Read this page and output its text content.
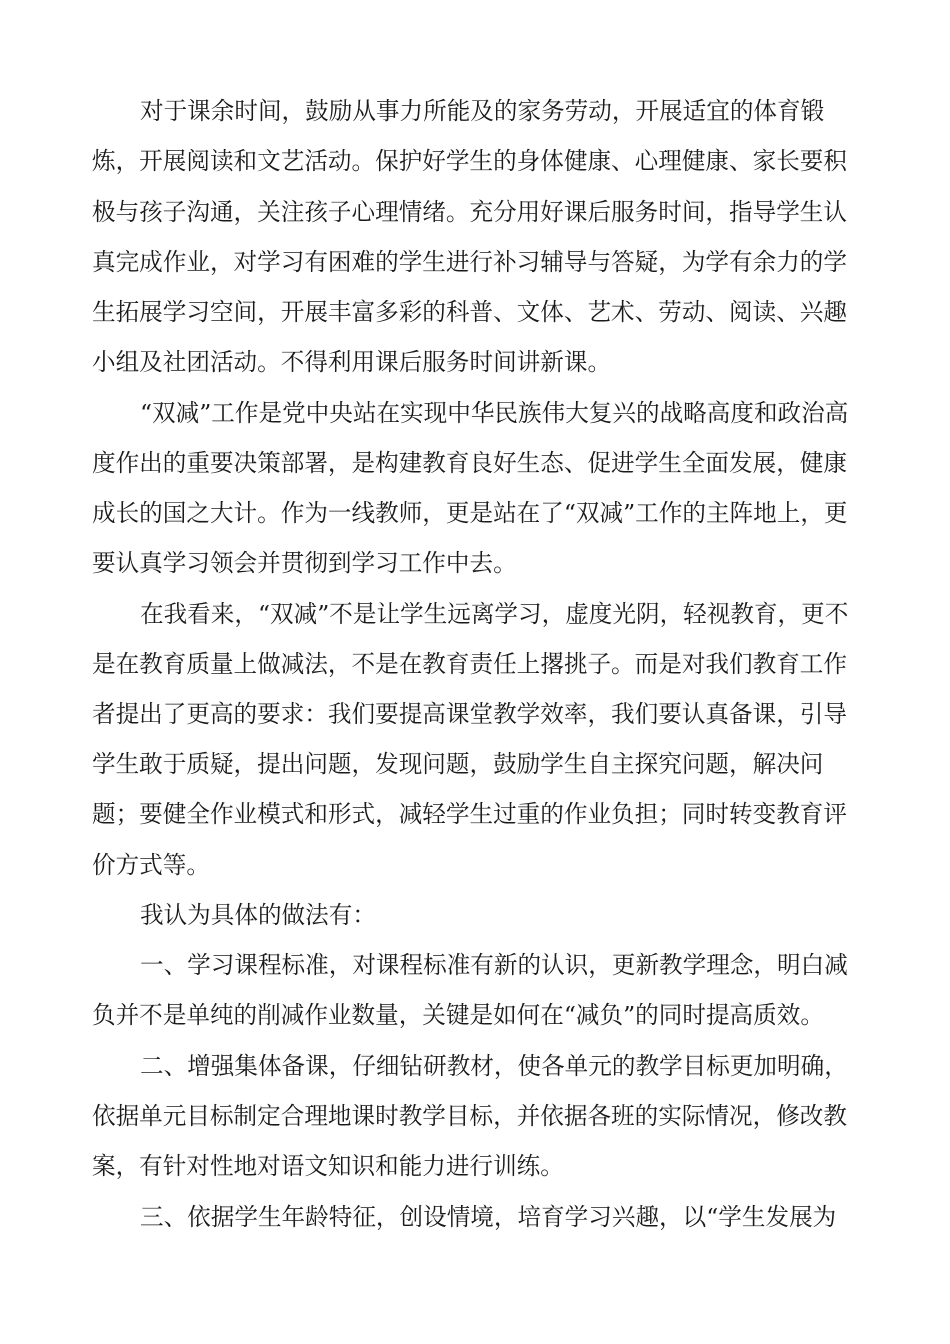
对于课余时间，鼓励从事力所能及的家务劳动，开展适宜的体育锻
炼，开展阅读和文艺活动。保护好学生的身体健康、心理健康、家长要积
极与孩子沟通，关注孩子心理情绪。充分用好课后服务时间，指导学生认
真完成作业，对学习有困难的学生进行补习辅导与答疑，为学有余力的学
生拓展学习空间，开展丰富多彩的科普、文体、艺术、劳动、阅读、兴趣
小组及社团活动。不得利用课后服务时间讲新课。
“双减”工作是党中央站在实现中华民族伟大复兴的战略高度和政治高
度作出的重要决策部署，是构建教育良好生态、促进学生全面发展，健康
成长的国之大计。作为一线教师，更是站在了“双减”工作的主阵地上，更
要认真学习领会并贯彻到学习工作中去。
在我看来，“双减”不是让学生远离学习，虚度光阴，轻视教育，更不
是在教育质量上做减法，不是在教育责任上撂挑子。而是对我们教育工作
者提出了更高的要求：我们要提高课堂教学效率，我们要认真备课，引导
学生敢于质疑，提出问题，发现问题，鼓励学生自主探究问题，解决问
题；要健全作业模式和形式，减轻学生过重的作业负担；同时转变教育评
价方式等。
我认为具体的做法有：
一、学习课程标准，对课程标准有新的认识，更新教学理念，明白减
负并不是单纯的削减作业数量，关键是如何在“减负”的同时提高质效。
二、增强集体备课，仔细钻研教材，使各单元的教学目标更加明确，
依据单元目标制定合理地课时教学目标，并依据各班的实际情况，修改教
案，有针对性地对语文知识和能力进行训练。
三、依据学生年龄特征，创设情境，培育学习兴趣，以“学生发展为
